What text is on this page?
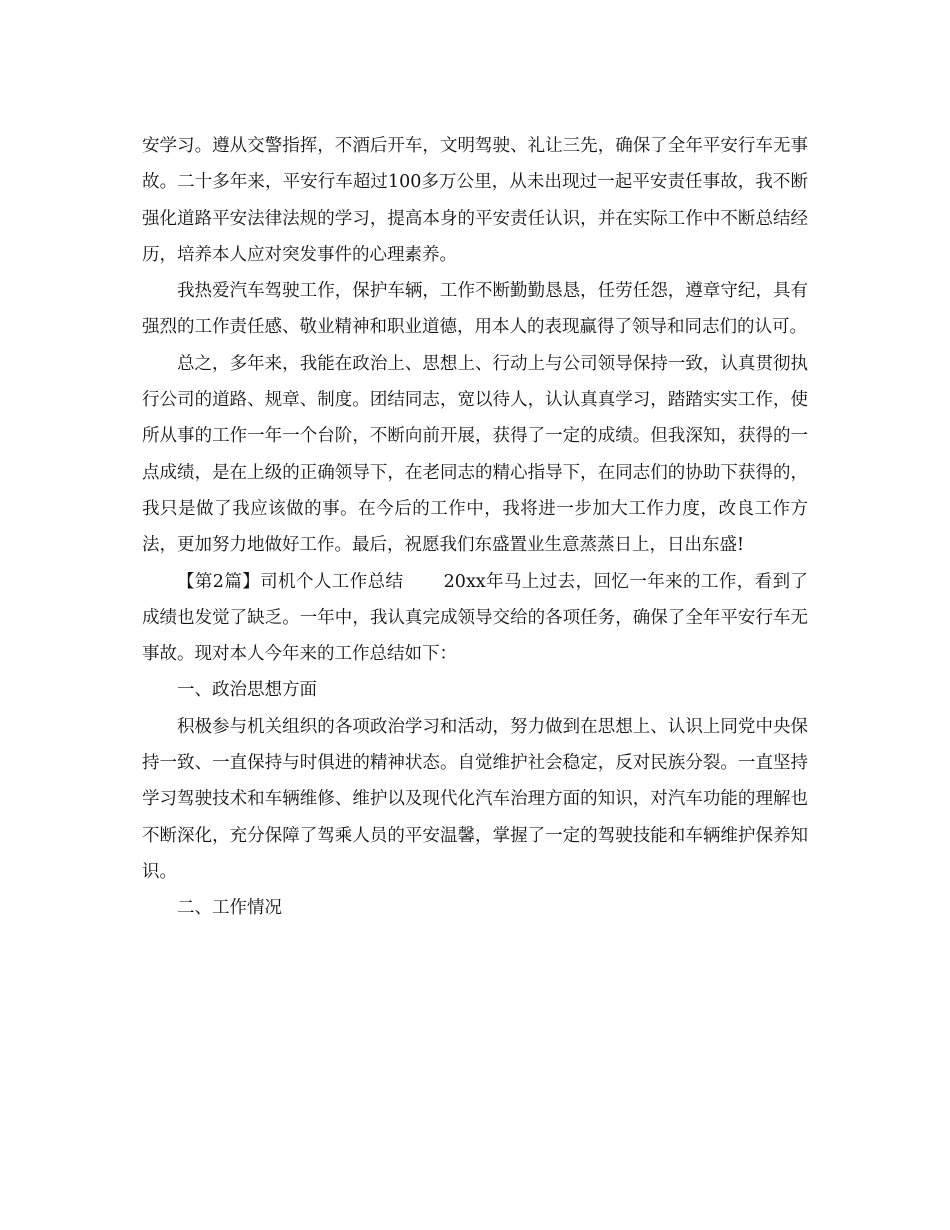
安学习。遵从交警指挥，不酒后开车，文明驾驶、礼让三先，确保了全年平安行车无事故。二十多年来，平安行车超过100多万公里，从未出现过一起平安责任事故，我不断强化道路平安法律法规的学习，提高本身的平安责任认识，并在实际工作中不断总结经历，培养本人应对突发事件的心理素养。

我热爱汽车驾驶工作，保护车辆，工作不断勤勤恳恳，任劳任怨，遵章守纪，具有强烈的工作责任感、敬业精神和职业道德，用本人的表现赢得了领导和同志们的认可。

总之，多年来，我能在政治上、思想上、行动上与公司领导保持一致，认真贯彻执行公司的道路、规章、制度。团结同志，宽以待人，认认真真学习，踏踏实实工作，使所从事的工作一年一个台阶，不断向前开展，获得了一定的成绩。但我深知，获得的一点成绩，是在上级的正确领导下，在老同志的精心指导下，在同志们的协助下获得的，我只是做了我应该做的事。在今后的工作中，我将进一步加大工作力度，改良工作方法，更加努力地做好工作。最后，祝愿我们东盛置业生意蒸蒸日上，日出东盛!

【第2篇】司机个人工作总结 20xx年马上过去，回忆一年来的工作，看到了成绩也发觉了缺乏。一年中，我认真完成领导交给的各项任务，确保了全年平安行车无事故。现对本人今年来的工作总结如下：

一、政治思想方面

积极参与机关组织的各项政治学习和活动，努力做到在思想上、认识上同党中央保持一致、一直保持与时俱进的精神状态。自觉维护社会稳定，反对民族分裂。一直坚持学习驾驶技术和车辆维修、维护以及现代化汽车治理方面的知识，对汽车功能的理解也不断深化，充分保障了驾乘人员的平安温馨，掌握了一定的驾驶技能和车辆维护保养知识。

二、工作情况
